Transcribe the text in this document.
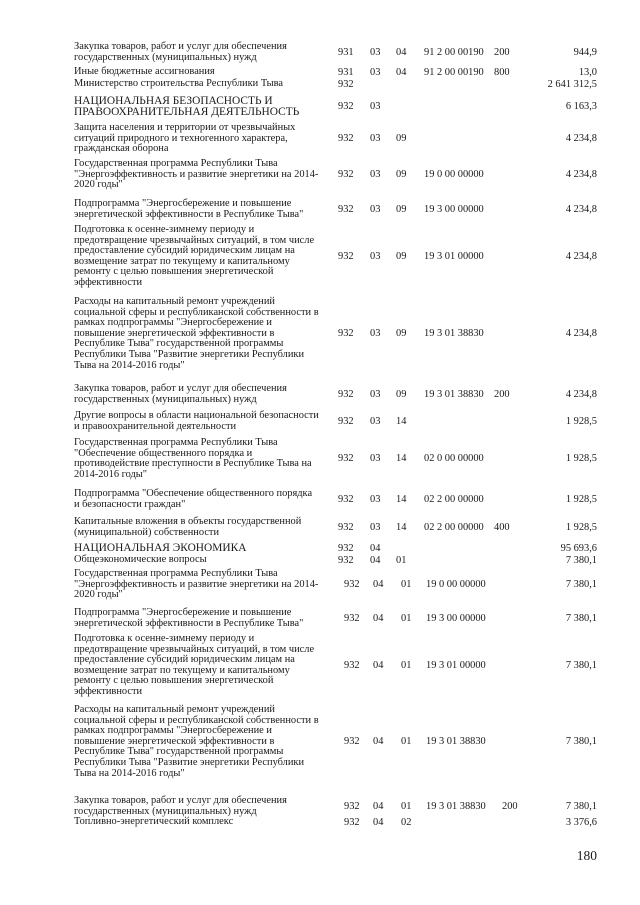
Закупка товаров, работ и услуг для обеспечения
государственных (муниципальных) нужд	931 03 04 91 2 00 00190 200	944,9
Иные бюджетные ассигнования	931 03 04 91 2 00 00190 800	13,0
Министерство строительства Республики Тыва	932	2 641 312,5
НАЦИОНАЛЬНАЯ БЕЗОПАСНОСТЬ И
ПРАВООХРАНИТЕЛЬНАЯ ДЕЯТЕЛЬНОСТЬ	932 03	6 163,3
Защита населения и территории от чрезвычайных
ситуаций природного и техногенного характера,
гражданская оборона
932 03 09	4 234,8
Государственная программа Республики Тыва
"Энергоэффективность и развитие энергетики на 2014-
2020 годы"
932 03 09 19 0 00 00000	4 234,8
Подпрограмма "Энергосбережение и повышение
энергетической эффективности в Республике Тыва"	932 03 09 19 3 00 00000	4 234,8
Подготовка к осенне-зимнему периоду и
предотвращение чрезвычайных ситуаций, в том числе
предоставление субсидий юридическим лицам на
возмещение затрат по текущему и капитальному
ремонту с целью повышения энергетической
эффективности
932 03 09 19 3 01 00000	4 234,8
Расходы на капитальный ремонт учреждений
социальной сферы и республиканской собственности в
рамках подпрограммы "Энергосбережение и
повышение энергетической эффективности в
Республике Тыва" государственной программы
Республики Тыва "Развитие энергетики Республики
Тыва на 2014-2016 годы"
932 03 09 19 3 01 38830	4 234,8
Закупка товаров, работ и услуг для обеспечения
государственных (муниципальных) нужд	932 03 09 19 3 01 38830 200	4 234,8
Другие вопросы в области национальной безопасности
и правоохранительной деятельности	932 03 14	1 928,5
Государственная программа Республики Тыва
"Обеспечение общественного порядка и
противодействие преступности в Республике Тыва на
2014-2016 годы"
932 03 14 02 0 00 00000	1 928,5
Подпрограмма "Обеспечение общественного порядка
и безопасности граждан"	932 03 14 02 2 00 00000	1 928,5
Капитальные вложения в объекты государственной
(муниципальной) собственности	932 03 14 02 2 00 00000 400	1 928,5
НАЦИОНАЛЬНАЯ ЭКОНОМИКА	932 04	95 693,6
Общеэкономические вопросы	932 04 01	7 380,1
Государственная программа Республики Тыва
"Энергоэффективность и развитие энергетики на 2014-
2020 годы"
932 04 01 19 0 00 00000	7 380,1
Подпрограмма "Энергосбережение и повышение
энергетической эффективности в Республике Тыва"	932 04 01 19 3 00 00000	7 380,1
Подготовка к осенне-зимнему периоду и
предотвращение чрезвычайных ситуаций, в том числе
предоставление субсидий юридическим лицам на
возмещение затрат по текущему и капитальному
ремонту с целью повышения энергетической
эффективности
932 04 01 19 3 01 00000	7 380,1
Расходы на капитальный ремонт учреждений
социальной сферы и республиканской собственности в
рамках подпрограммы "Энергосбережение и
повышение энергетической эффективности в
Республике Тыва" государственной программы
Республики Тыва "Развитие энергетики Республики
Тыва на 2014-2016 годы"
932 04 01 19 3 01 38830	7 380,1
Закупка товаров, работ и услуг для обеспечения
государственных (муниципальных) нужд	932 04 01 19 3 01 38830 200	7 380,1
Топливно-энергетический комплекс	932 04 02	3 376,6
180
